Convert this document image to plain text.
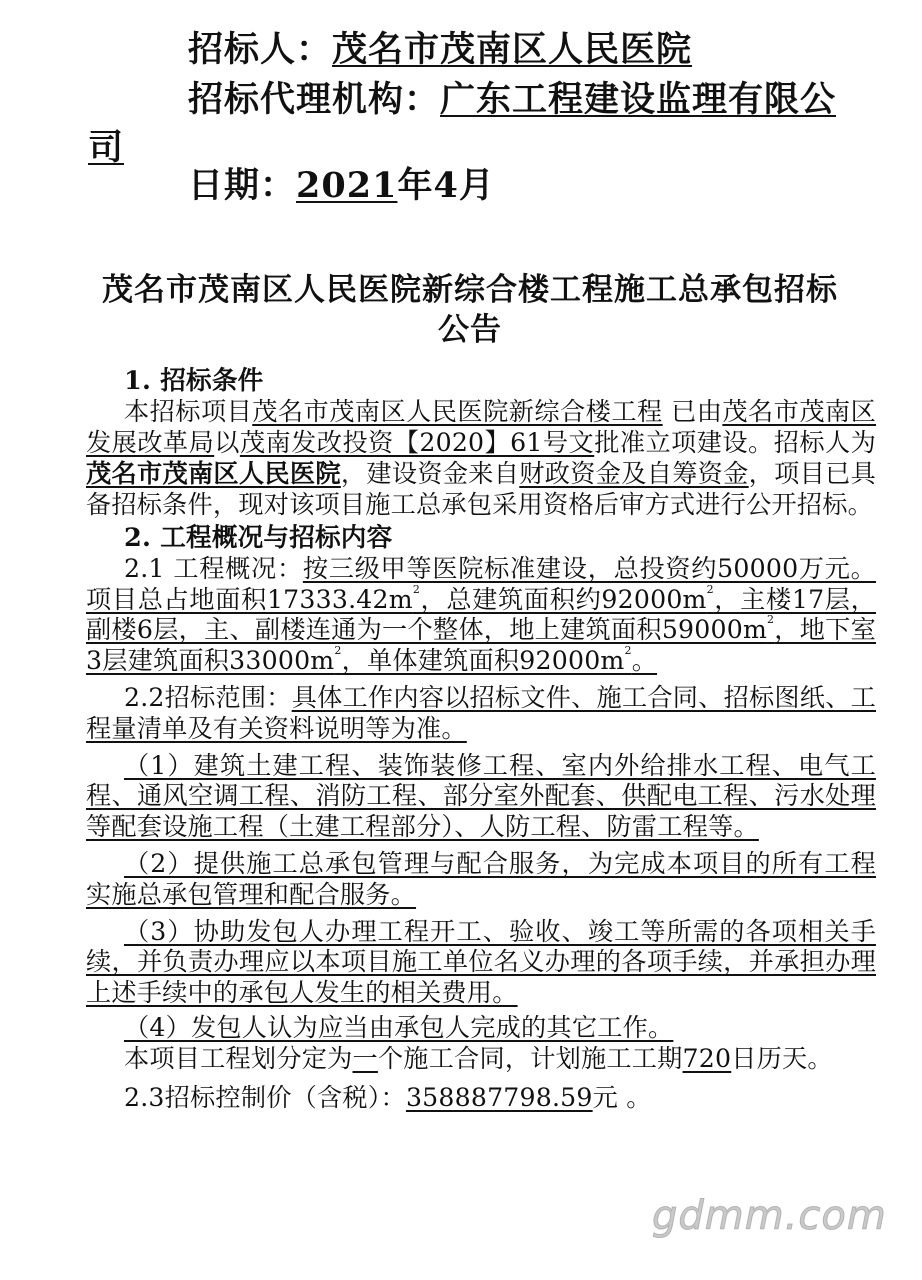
招标人：茂名市茂南区人民医院
招标代理机构：广东工程建设监理有限公
司
日期：2021年4月
茂名市茂南区人民医院新综合楼工程施工总承包招标
公告

1. 招标条件

本招标项目茂名市茂南区人民医院新综合楼工程 已由茂名市茂南区发展改革局以茂南发改投资【2020】61号文批准立项建设。招标人为茂名市茂南区人民医院，建设资金来自财政资金及自筹资金，项目已具备招标条件，现对该项目施工总承包采用资格后审方式进行公开招标。

2. 工程概况与招标内容

2.1 工程概况：按三级甲等医院标准建设，总投资约50000万元。项目总占地面积$17333.42m^2$，总建筑面积约$92000m^2$，主楼17层，副楼6层，主、副楼连通为一个整体，地上建筑面积$59000m^2$，地下室3层建筑面积$33000m^2$，单体建筑面积$92000m^2$。

2.2招标范围：具体工作内容以招标文件、施工合同、招标图纸、工程量清单及有关资料说明等为准。

（1）建筑土建工程、装饰装修工程、室内外给排水工程、电气工程、通风空调工程、消防工程、部分室外配套、供配电工程、污水处理等配套设施工程（土建工程部分）、人防工程、防雷工程等。

（2）提供施工总承包管理与配合服务，为完成本项目的所有工程实施总承包管理和配合服务。

（3）协助发包人办理工程开工、验收、竣工等所需的各项相关手续，并负责办理应以本项目施工单位名义办理的各项手续，并承担办理上述手续中的承包人发生的相关费用。

（4）发包人认为应当由承包人完成的其它工作。

本项目工程划分定为一个施工合同，计划施工工期720日历天。

2.3招标控制价（含税）：358887798.59元 。

gdmm.com
